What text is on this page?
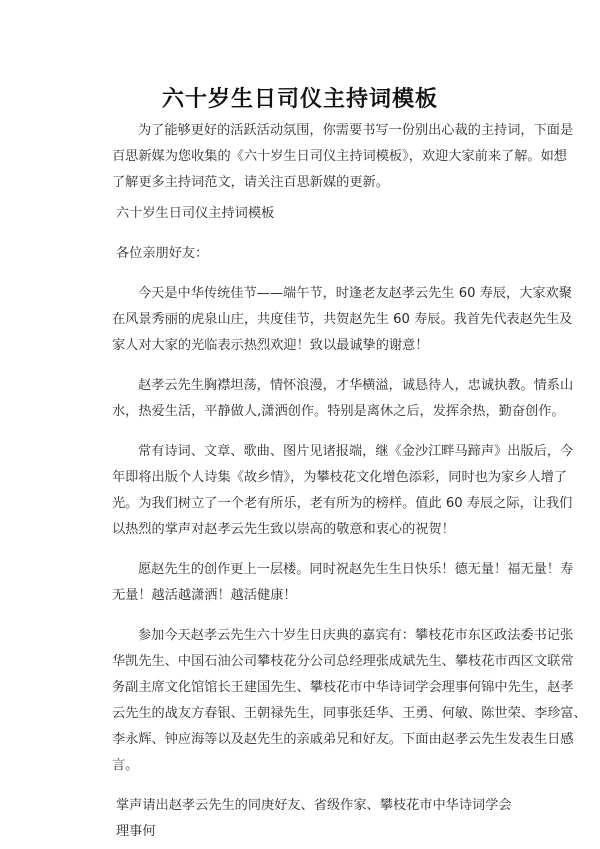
六十岁生日司仪主持词模板
为了能够更好的活跃活动氛围，你需要书写一份别出心裁的主持词，下面是
百思新媒为您收集的《六十岁生日司仪主持词模板》，欢迎大家前来了解。如想
了解更多主持词范文，请关注百思新媒的更新。
六十岁生日司仪主持词模板
各位亲朋好友：
今天是中华传统佳节——端午节，时逢老友赵孝云先生 60 寿辰，大家欢聚
在风景秀丽的虎泉山庄，共度佳节，共贺赵先生 60 寿辰。我首先代表赵先生及
家人对大家的光临表示热烈欢迎！致以最诚挚的谢意！
赵孝云先生胸襟坦荡，情怀浪漫，才华横溢，诚恳待人，忠诚执教。情系山
水，热爱生活，平静做人,潇洒创作。特别是离休之后，发挥余热，勤奋创作。
常有诗词、文章、歌曲、图片见诸报端，继《金沙江畔马蹄声》出版后，今
年即将出版个人诗集《故乡情》，为攀枝花文化增色添彩，同时也为家乡人增了
光。为我们树立了一个老有所乐，老有所为的榜样。值此 60 寿辰之际，让我们
以热烈的掌声对赵孝云先生致以崇高的敬意和衷心的祝贺！
愿赵先生的创作更上一层楼。同时祝赵先生生日快乐！德无量！福无量！寿
无量！越活越潇洒！越活健康！
参加今天赵孝云先生六十岁生日庆典的嘉宾有：攀枝花市东区政法委书记张
华凯先生、中国石油公司攀枝花分公司总经理张成斌先生、攀枝花市西区文联常
务副主席文化馆馆长王建国先生、攀枝花市中华诗词学会理事何锦中先生，赵孝
云先生的战友方春银、王朝禄先生，同事张廷华、王勇、何敏、陈世荣、李珍富、
李永辉、钟应海等以及赵先生的亲戚弟兄和好友。下面由赵孝云先生发表生日感
言。
掌声请出赵孝云先生的同庚好友、省级作家、攀枝花市中华诗词学会理事何
